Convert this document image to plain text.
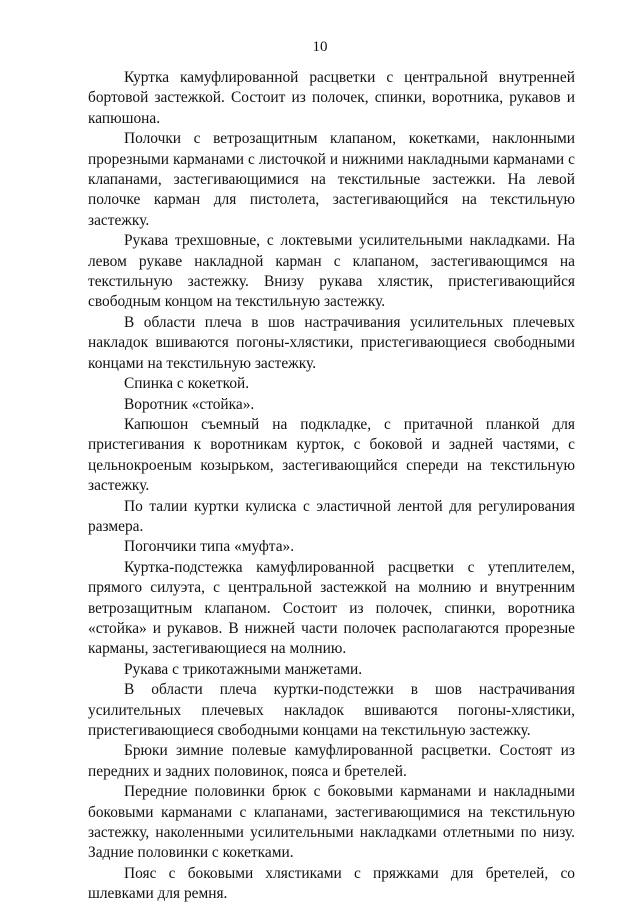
10

Куртка камуфлированной расцветки с центральной внутренней бортовой застежкой. Состоит из полочек, спинки, воротника, рукавов и капюшона.

Полочки с ветрозащитным клапаном, кокетками, наклонными прорезными карманами с листочкой и нижними накладными карманами с клапанами, застегивающимися на текстильные застежки. На левой полочке карман для пистолета, застегивающийся на текстильную застежку.

Рукава трехшовные, с локтевыми усилительными накладками. На левом рукаве накладной карман с клапаном, застегивающимся на текстильную застежку. Внизу рукава хлястик, пристегивающийся свободным концом на текстильную застежку.

В области плеча в шов настрачивания усилительных плечевых накладок вшиваются погоны-хлястики, пристегивающиеся свободными концами на текстильную застежку.

Спинка с кокеткой.

Воротник «стойка».

Капюшон съемный на подкладке, с притачной планкой для пристегивания к воротникам курток, с боковой и задней частями, с цельнокроеным козырьком, застегивающийся спереди на текстильную застежку.

По талии куртки кулиска с эластичной лентой для регулирования размера.

Погончики типа «муфта».

Куртка-подстежка камуфлированной расцветки с утеплителем, прямого силуэта, с центральной застежкой на молнию и внутренним ветрозащитным клапаном. Состоит из полочек, спинки, воротника «стойка» и рукавов. В нижней части полочек располагаются прорезные карманы, застегивающиеся на молнию.

Рукава с трикотажными манжетами.

В области плеча куртки-подстежки в шов настрачивания усилительных плечевых накладок вшиваются погоны-хлястики, пристегивающиеся свободными концами на текстильную застежку.

Брюки зимние полевые камуфлированной расцветки. Состоят из передних и задних половинок, пояса и бретелей.

Передние половинки брюк с боковыми карманами и накладными боковыми карманами с клапанами, застегивающимися на текстильную застежку, наколенными усилительными накладками отлетными по низу. Задние половинки с кокетками.

Пояс с боковыми хлястиками с пряжками для бретелей, со шлевками для ремня.
